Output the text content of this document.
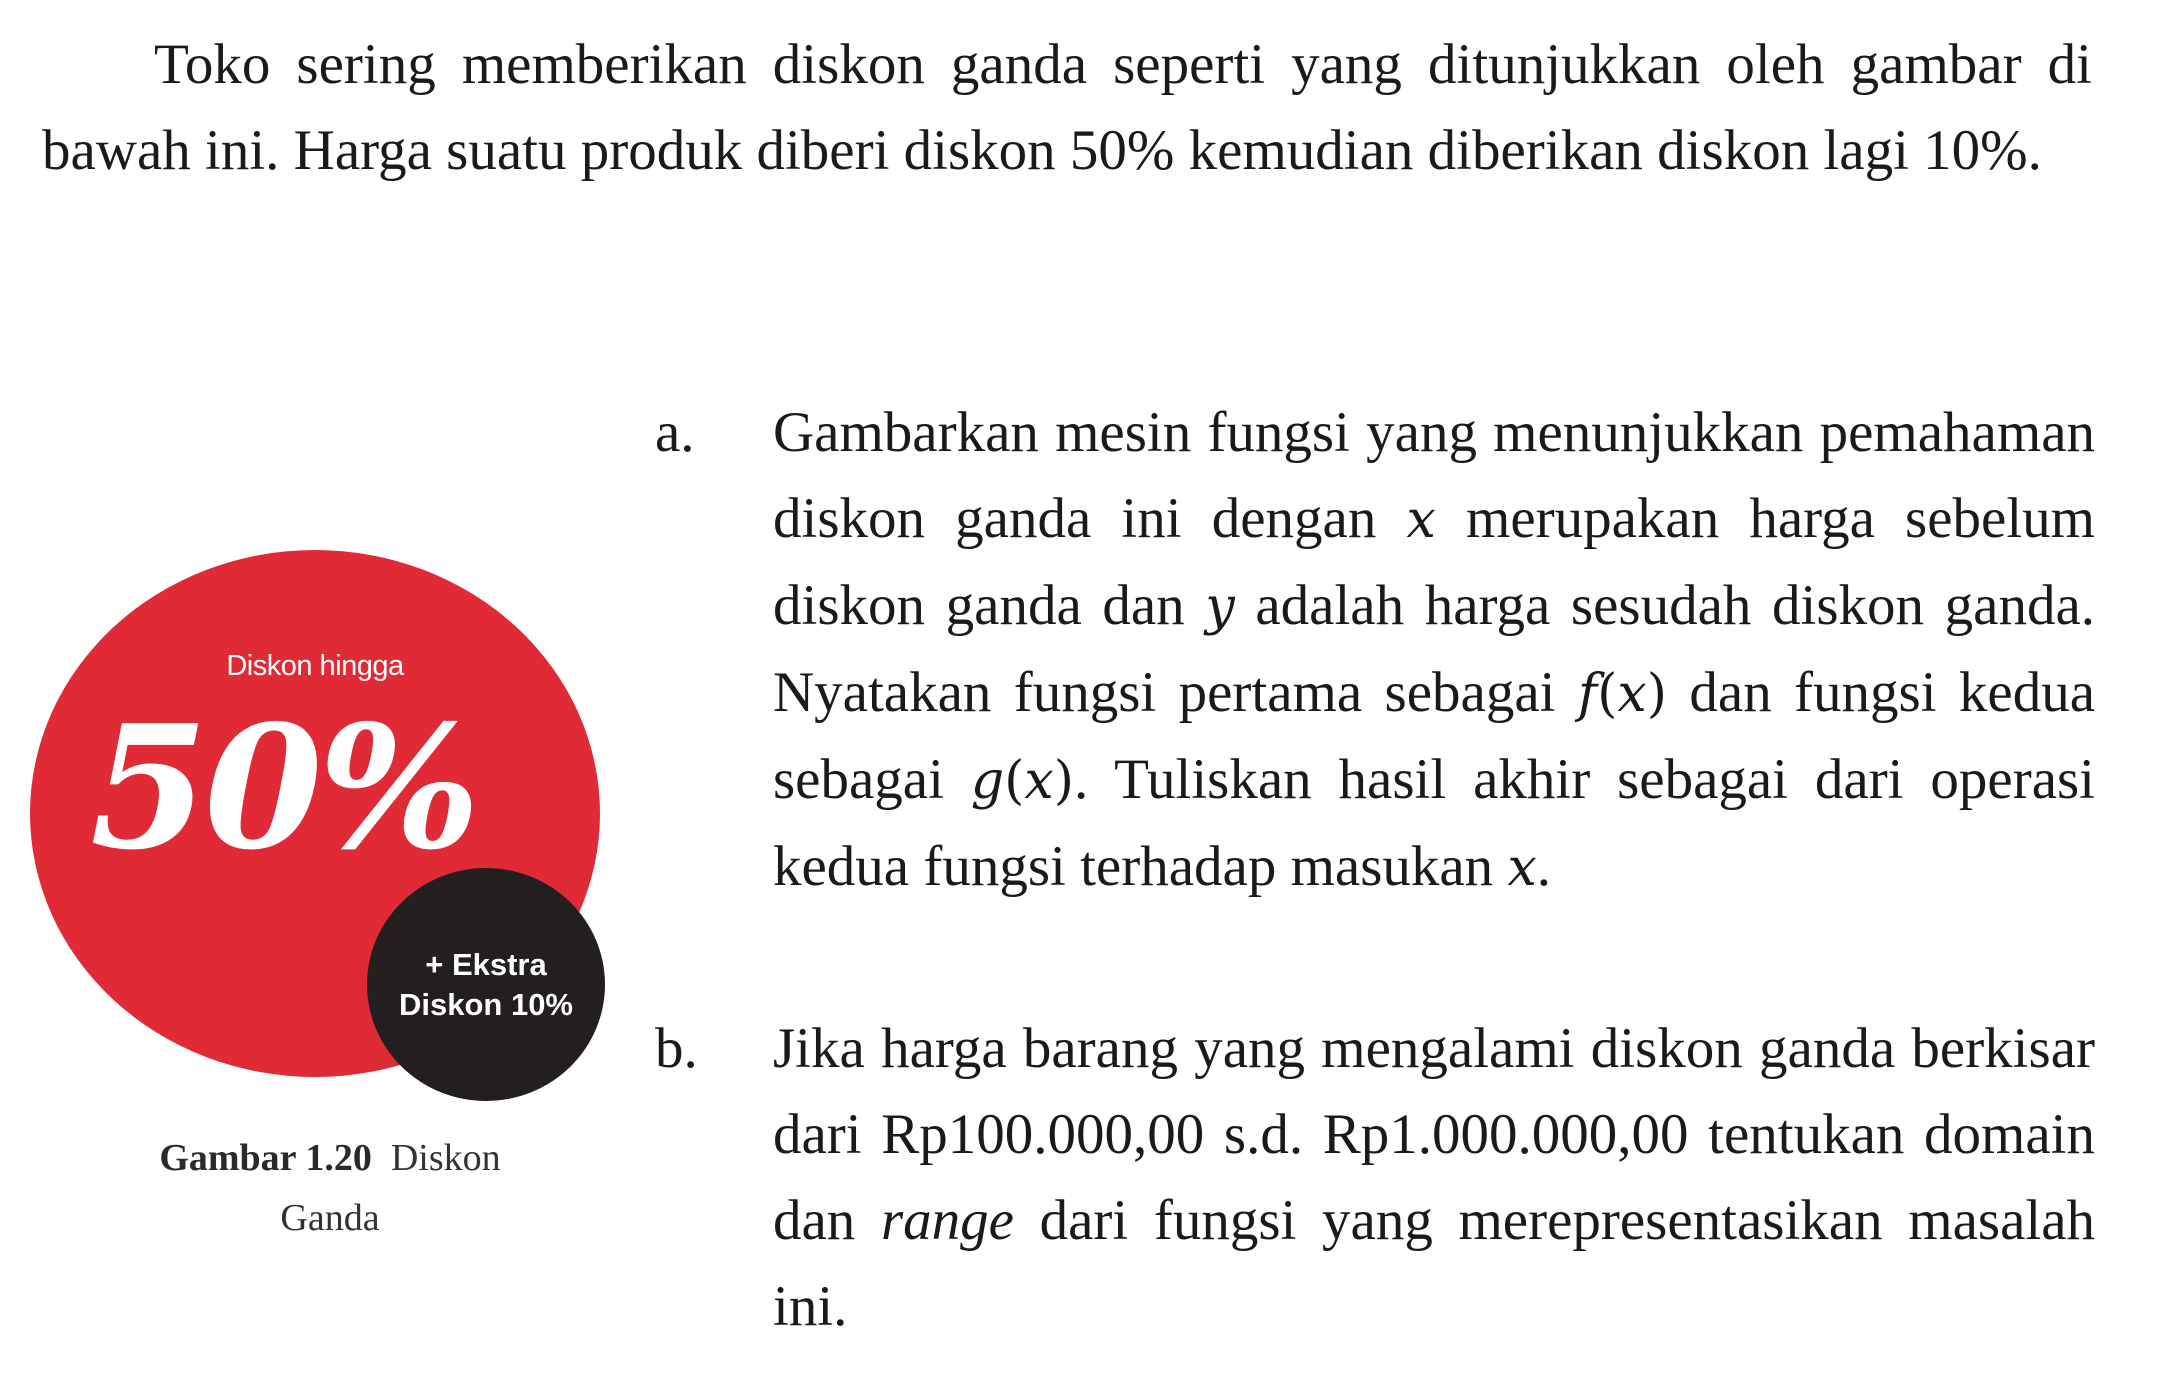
Toko sering memberikan diskon ganda seperti yang ditunjukkan oleh gambar di bawah ini. Harga suatu produk diberi diskon 50% kemudian diberikan diskon lagi 10%.

Diskon hingga
50%
+ Ekstra
Diskon 10%
Gambar 1.20 Diskon
Ganda
a. Gambarkan mesin fungsi yang menunjukkan pemahaman diskon ganda ini dengan x merupakan harga sebelum diskon ganda dan y adalah harga sesudah diskon ganda. Nyatakan fungsi pertama sebagai f(x) dan fungsi kedua sebagai g(x). Tuliskan hasil akhir sebagai dari operasi kedua fungsi terhadap masukan x.
b. Jika harga barang yang mengalami diskon ganda berkisar dari Rp100.000,00 s.d. Rp1.000.000,00 tentukan domain dan range dari fungsi yang merepresentasikan masalah ini.
